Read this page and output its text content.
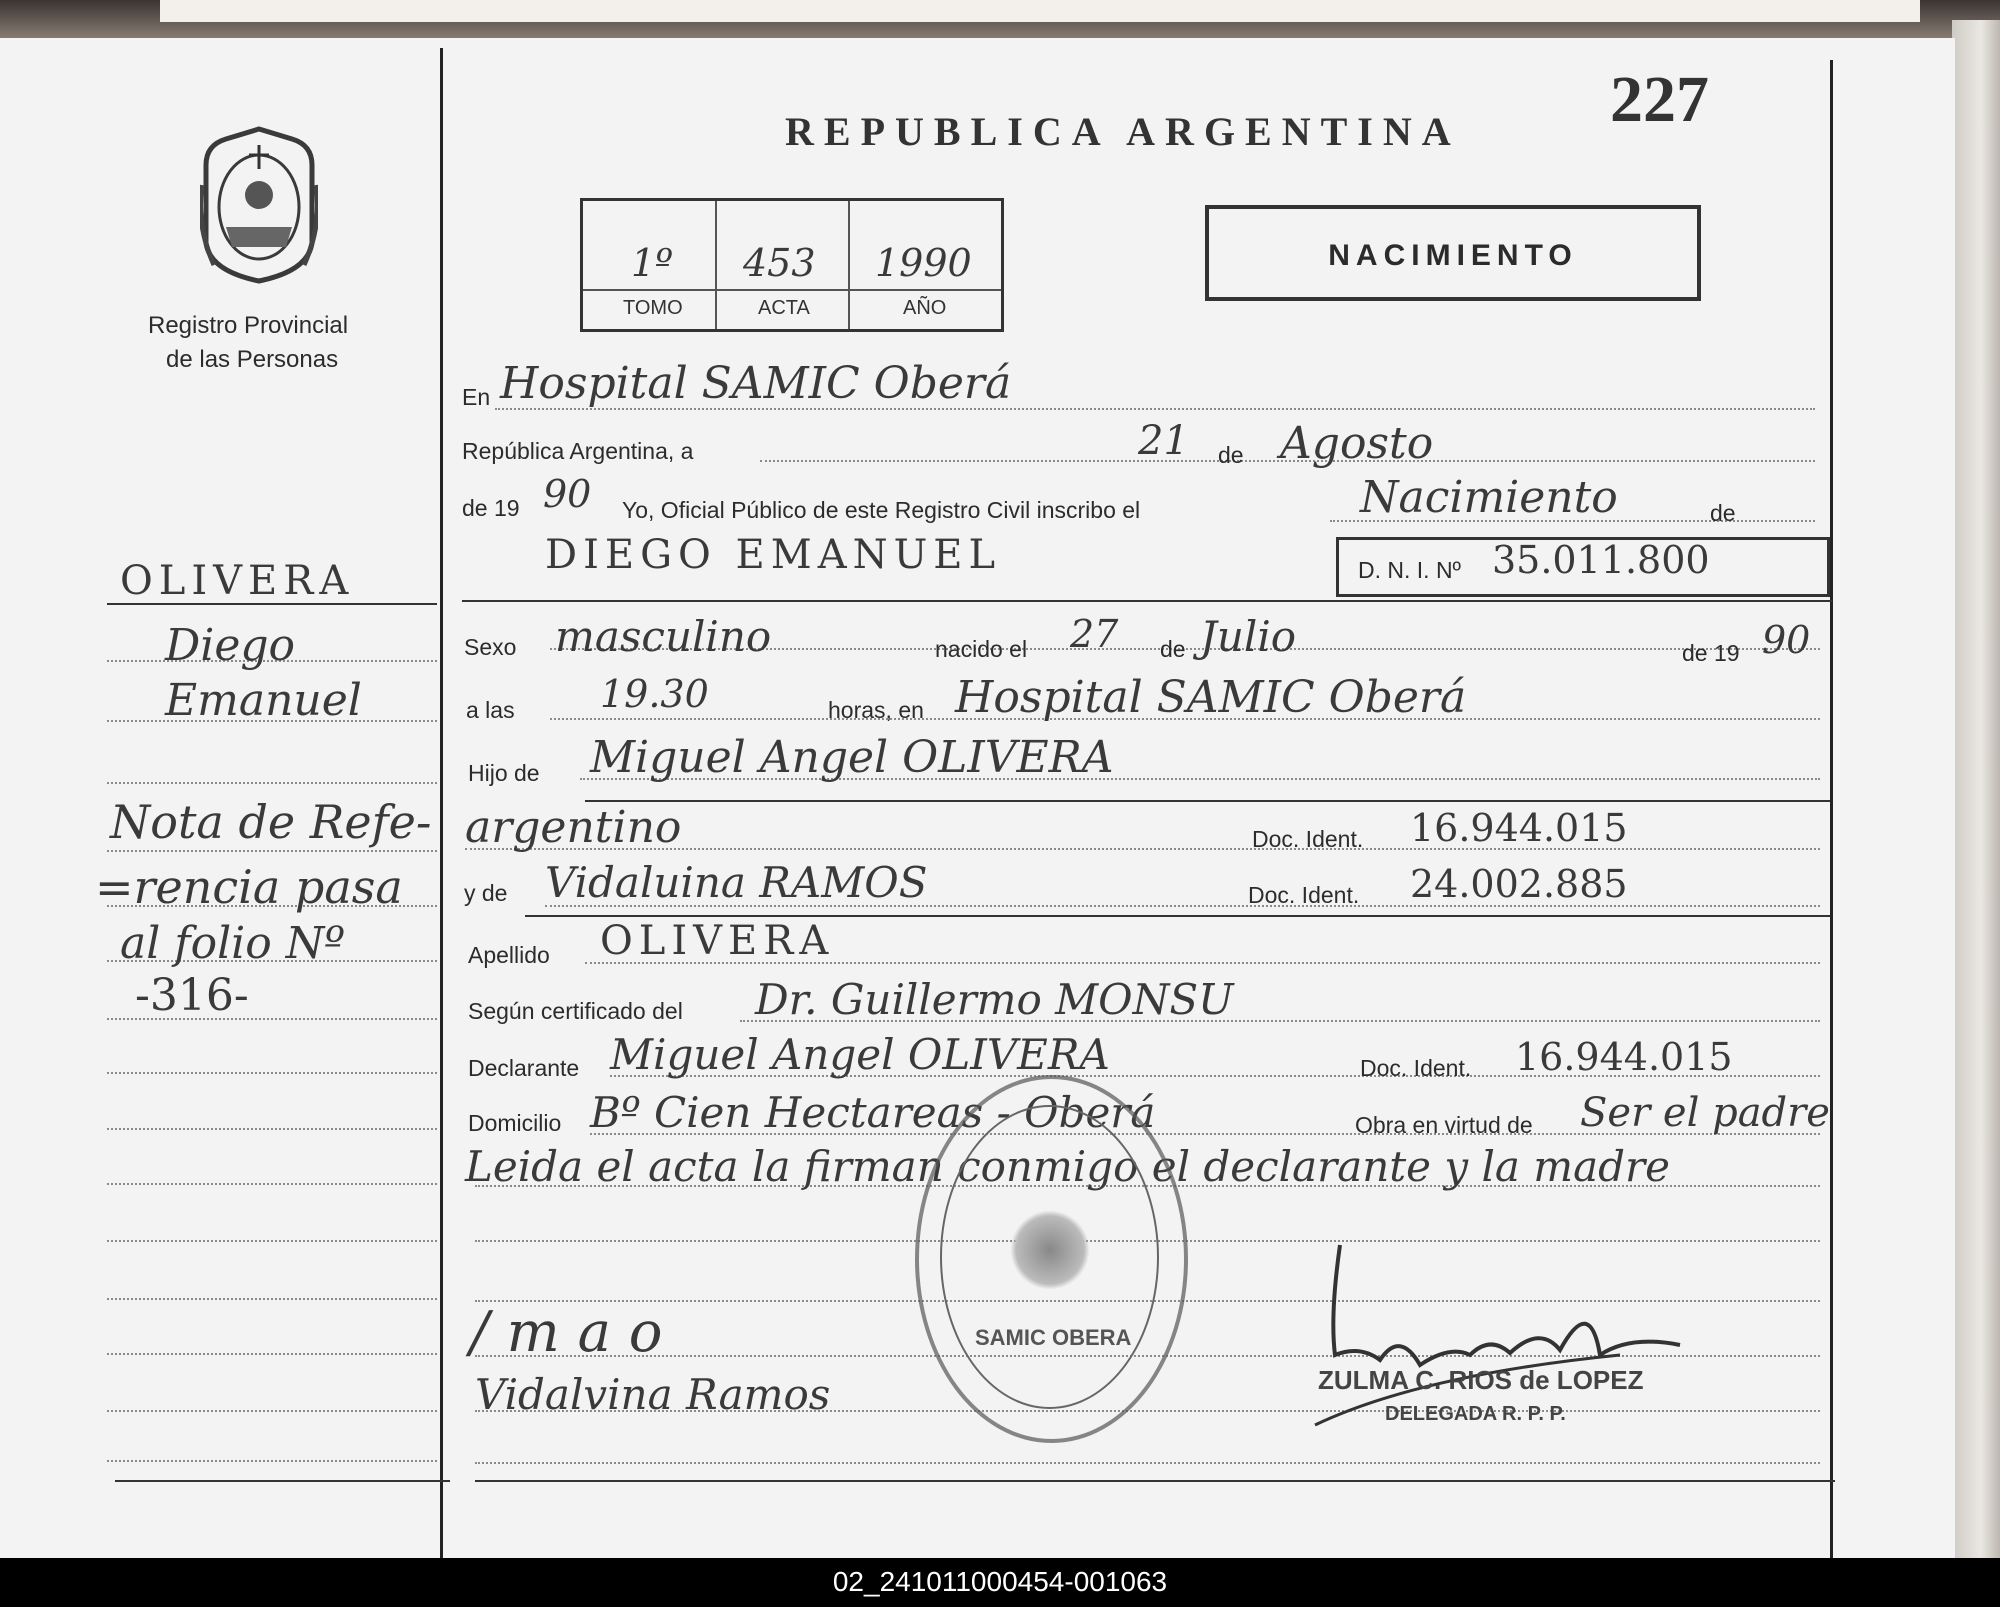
Registro Provincial
de las Personas
REPUBLICA ARGENTINA 227
1º 453 1990
TOMO	ACTA	AÑO
NACIMIENTO
OLIVERA
Diego
Emanuel
Nota de Refe-
=rencia pasa
al folio Nº
-316-
En Hospital SAMIC Oberá
República Argentina, a	21 de Agosto
de 19 90 Yo, Oficial Público de este Registro Civil inscribo el	Nacimiento	de
DIEGO EMANUEL	D. N. I. Nº 35.011.800
Sexo masculino	nacido el 27 de Julio	de 19 90
a las 19.30	horas, en Hospital SAMIC Oberá
Hijo de Miguel Angel OLIVERA
argentino	Doc. Ident. 16.944.015
y de Vidaluina RAMOS	Doc. Ident. 24.002.885
Apellido OLIVERA
Según certificado del Dr. Guillermo MONSU
Declarante Miguel Angel OLIVERA	Doc. Ident. 16.944.015
Domicilio Bº Cien Hectareas - Oberá	Obra en virtud de Ser el padre
Leida el acta la firman conmigo el declarante y la madre
SAMIC OBERA
∕ m a o
Vidalvina Ramos	ZULMA C. RIOS de LOPEZ
DELEGADA R. P. P.
02_241011000454-001063
